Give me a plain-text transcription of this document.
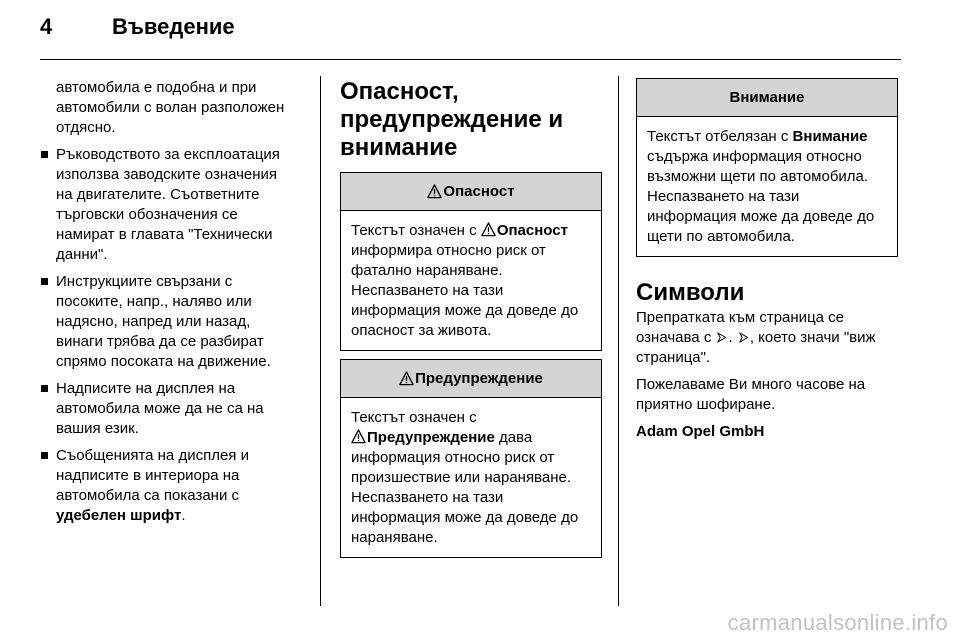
4	Въведение

автомобила е подобна и при
автомобили с волан разположен
отдясно.

Ръководството за експлоатация
използва заводските означения
на двигателите. Съответните
търговски обозначения се
намират в главата "Технически
данни".
Инструкциите свързани с
посоките, напр., наляво или
надясно, напред или назад,
винаги трябва да се разбират
спрямо посоката на движение.
Надписите на дисплея на
автомобила може да не са на
вашия език.
Съобщенията на дисплея и
надписите в интериора на
автомобила са показани с
удебелен шрифт.
Опасност,
предупреждение и
внимание
Опасност
Текстът означен с Опасност
информира относно риск от
фатално нараняване.
Неспазването на тази
информация може да доведе до
опасност за живота.
Предупреждение
Текстът означен с
Предупреждение дава
информация относно риск от
произшествие или нараняване.
Неспазването на тази
информация може да доведе до
нараняване.
Внимание
Текстът отбелязан с Внимание
съдържа информация относно
възможни щети по автомобила.
Неспазването на тази
информация може да доведе до
щети по автомобила.
Символи

Препратката към страница се
означава с . , което значи "виж
страница".

Пожелаваме Ви много часове на
приятно шофиране.

Adam Opel GmbH

carmanualsonline.info
